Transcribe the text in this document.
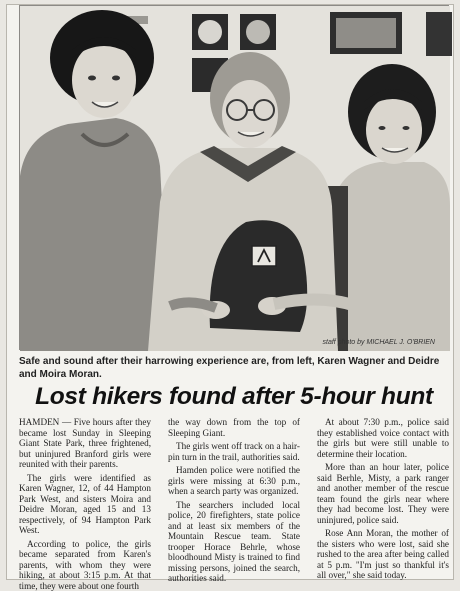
staff photo by MICHAEL J. O'BRIEN
Safe and sound after their harrowing experience are, from left, Karen Wagner and Deidre and Moira Moran.
Lost hikers found after 5-hour hunt

HAMDEN — Five hours after they became lost Sunday in Sleeping Giant State Park, three frightened, but uninjured Branford girls were reunited with their parents.

The girls were identified as Karen Wagner, 12, of 44 Hampton Park West, and sisters Moira and Deidre Moran, aged 15 and 13 respectively, of 94 Hampton Park West.

According to police, the girls became separated from Karen's parents, with whom they were hiking, at about 3:15 p.m. At that time, they were about one fourth

the way down from the top of Sleeping Giant.

The girls went off track on a hair-pin turn in the trail, authorities said.

Hamden police were notified the girls were missing at 6:30 p.m., when a search party was organized.

The searchers included local police, 20 firefighters, state police and at least six members of the Mountain Rescue team. State trooper Horace Behrle, whose bloodhound Misty is trained to find missing persons, joined the search, authorities said.

At about 7:30 p.m., police said they established voice contact with the girls but were still unable to determine their location.

More than an hour later, police said Berhle, Misty, a park ranger and another member of the rescue team found the girls near where they had become lost. They were uninjured, police said.

Rose Ann Moran, the mother of the sisters who were lost, said she rushed to the area after being called at 5 p.m. "I'm just so thankful it's all over," she said today.
